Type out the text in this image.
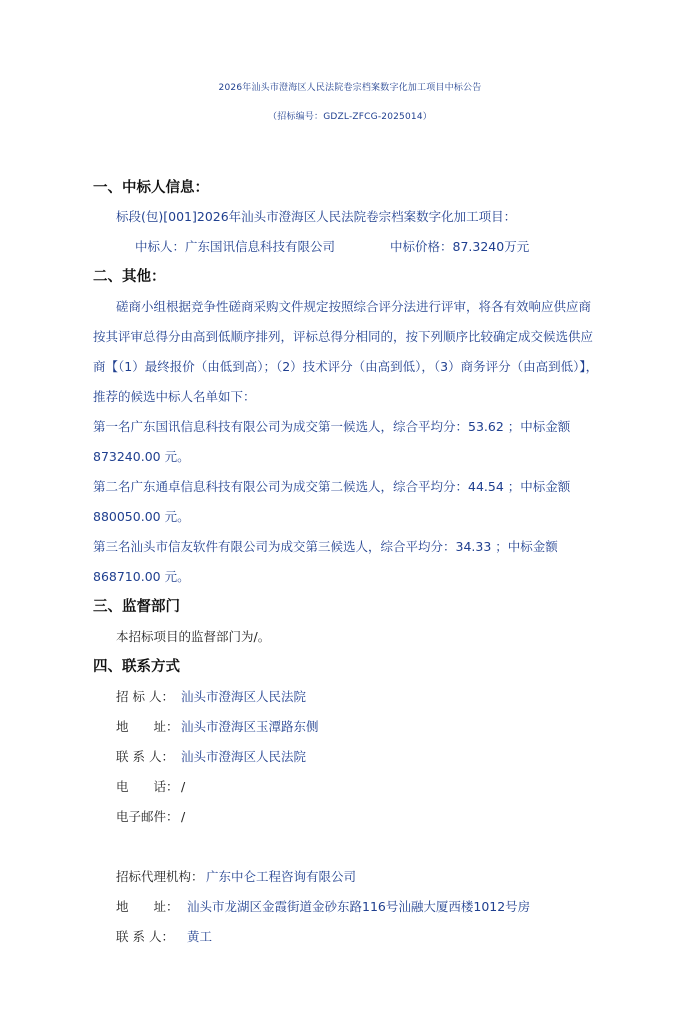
2026年汕头市澄海区人民法院卷宗档案数字化加工项目中标公告
（招标编号：GDZL-ZFCG-2025014）
一、中标人信息：
标段(包)[001]2026年汕头市澄海区人民法院卷宗档案数字化加工项目：
中标人：广东国讯信息科技有限公司	中标价格：87.3240万元
二、其他：
磋商小组根据竞争性磋商采购文件规定按照综合评分法进行评审，将各有效响应供应商
按其评审总得分由高到低顺序排列，评标总得分相同的，按下列顺序比较确定成交候选供应
商【（1）最终报价（由低到高）；（2）技术评分（由高到低），（3）商务评分（由高到低）】，
推荐的候选中标人名单如下：
第一名广东国讯信息科技有限公司为成交第一候选人，综合平均分：53.62 ；中标金额
873240.00 元。
第二名广东通卓信息科技有限公司为成交第二候选人，综合平均分：44.54 ；中标金额
880050.00 元。
第三名汕头市信友软件有限公司为成交第三候选人，综合平均分：34.33 ；中标金额
868710.00 元。
三、监督部门
本招标项目的监督部门为/。
四、联系方式
招 标 人： 汕头市澄海区人民法院
地　　址： 汕头市澄海区玉潭路东侧
联 系 人： 汕头市澄海区人民法院
电　　话： /
电子邮件： /
招标代理机构： 广东中仑工程咨询有限公司
地　　址： 汕头市龙湖区金霞街道金砂东路116号汕融大厦西楼1012号房
联 系 人： 黄工
